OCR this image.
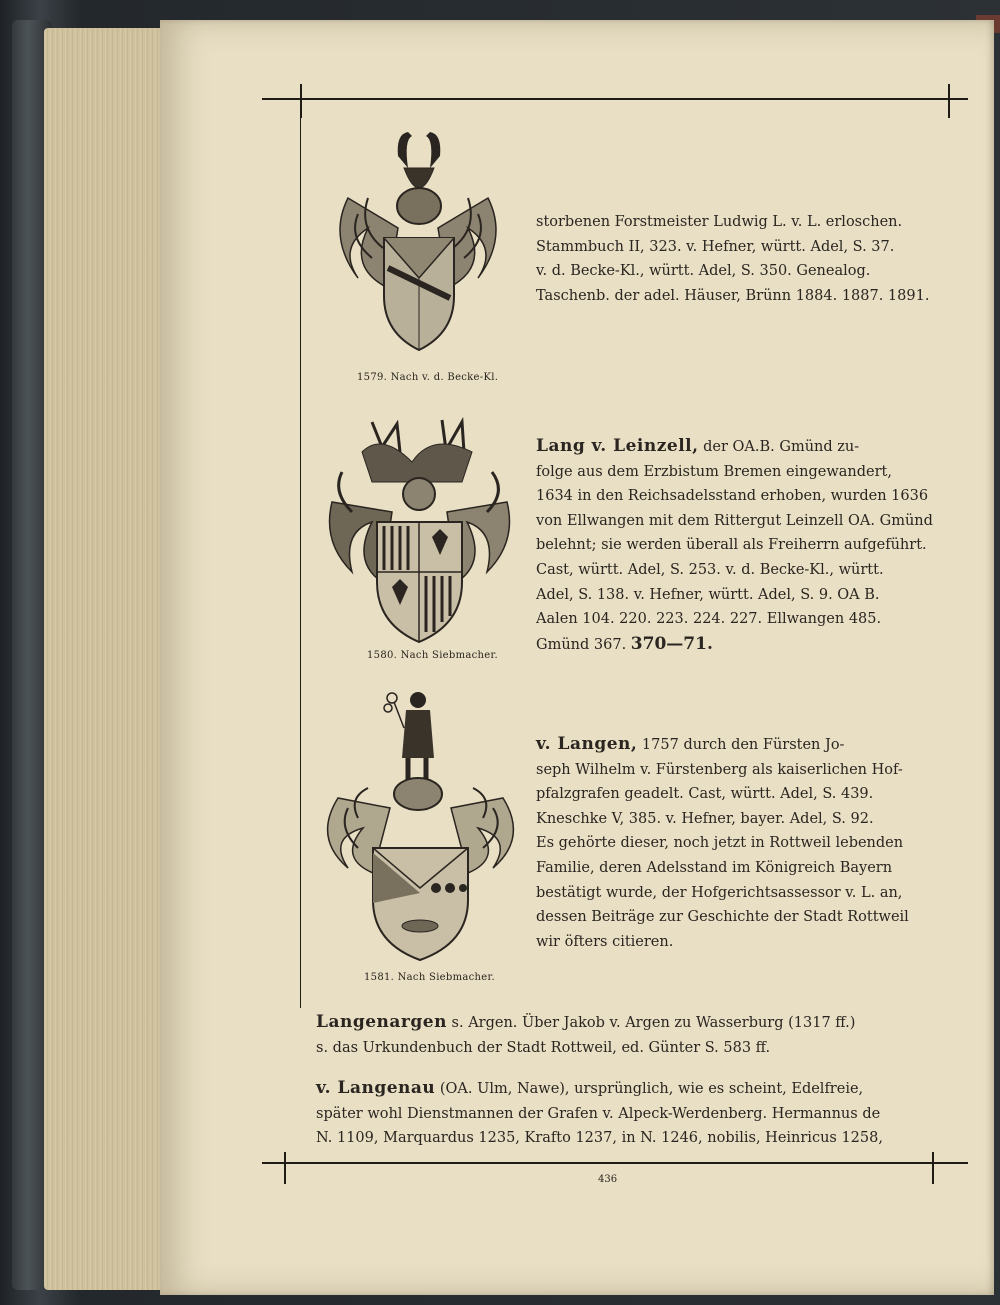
1579. Nach v. d. Becke-Kl.
storbenen Forstmeister Ludwig L. v. L. erloschen.
Stammbuch II, 323. v. Hefner, württ. Adel, S. 37.
v. d. Becke-Kl., württ. Adel, S. 350. Genealog.
Taschenb. der adel. Häuser, Brünn 1884. 1887. 1891.
1580. Nach Siebmacher.
Lang v. Leinzell, der OA.B. Gmünd zu-
folge aus dem Erzbistum Bremen eingewandert,
1634 in den Reichsadelsstand erhoben, wurden 1636
von Ellwangen mit dem Rittergut Leinzell OA. Gmünd
belehnt; sie werden überall als Freiherrn aufgeführt.
Cast, württ. Adel, S. 253. v. d. Becke-Kl., württ.
Adel, S. 138. v. Hefner, württ. Adel, S. 9. OA B.
Aalen 104. 220. 223. 224. 227. Ellwangen 485.
Gmünd 367. 370—71.
1581. Nach Siebmacher.
v. Langen, 1757 durch den Fürsten Jo-
seph Wilhelm v. Fürstenberg als kaiserlichen Hof-
pfalzgrafen geadelt. Cast, württ. Adel, S. 439.
Kneschke V, 385. v. Hefner, bayer. Adel, S. 92.
Es gehörte dieser, noch jetzt in Rottweil lebenden
Familie, deren Adelsstand im Königreich Bayern
bestätigt wurde, der Hofgerichtsassessor v. L. an,
dessen Beiträge zur Geschichte der Stadt Rottweil
wir öfters citieren.
Langenargen s. Argen. Über Jakob v. Argen zu Wasserburg (1317 ff.)
s. das Urkundenbuch der Stadt Rottweil, ed. Günter S. 583 ff.
v. Langenau (OA. Ulm, Nawe), ursprünglich, wie es scheint, Edelfreie,
später wohl Dienstmannen der Grafen v. Alpeck-Werdenberg. Hermannus de
N. 1109, Marquardus 1235, Krafto 1237, in N. 1246, nobilis, Heinricus 1258,
436
